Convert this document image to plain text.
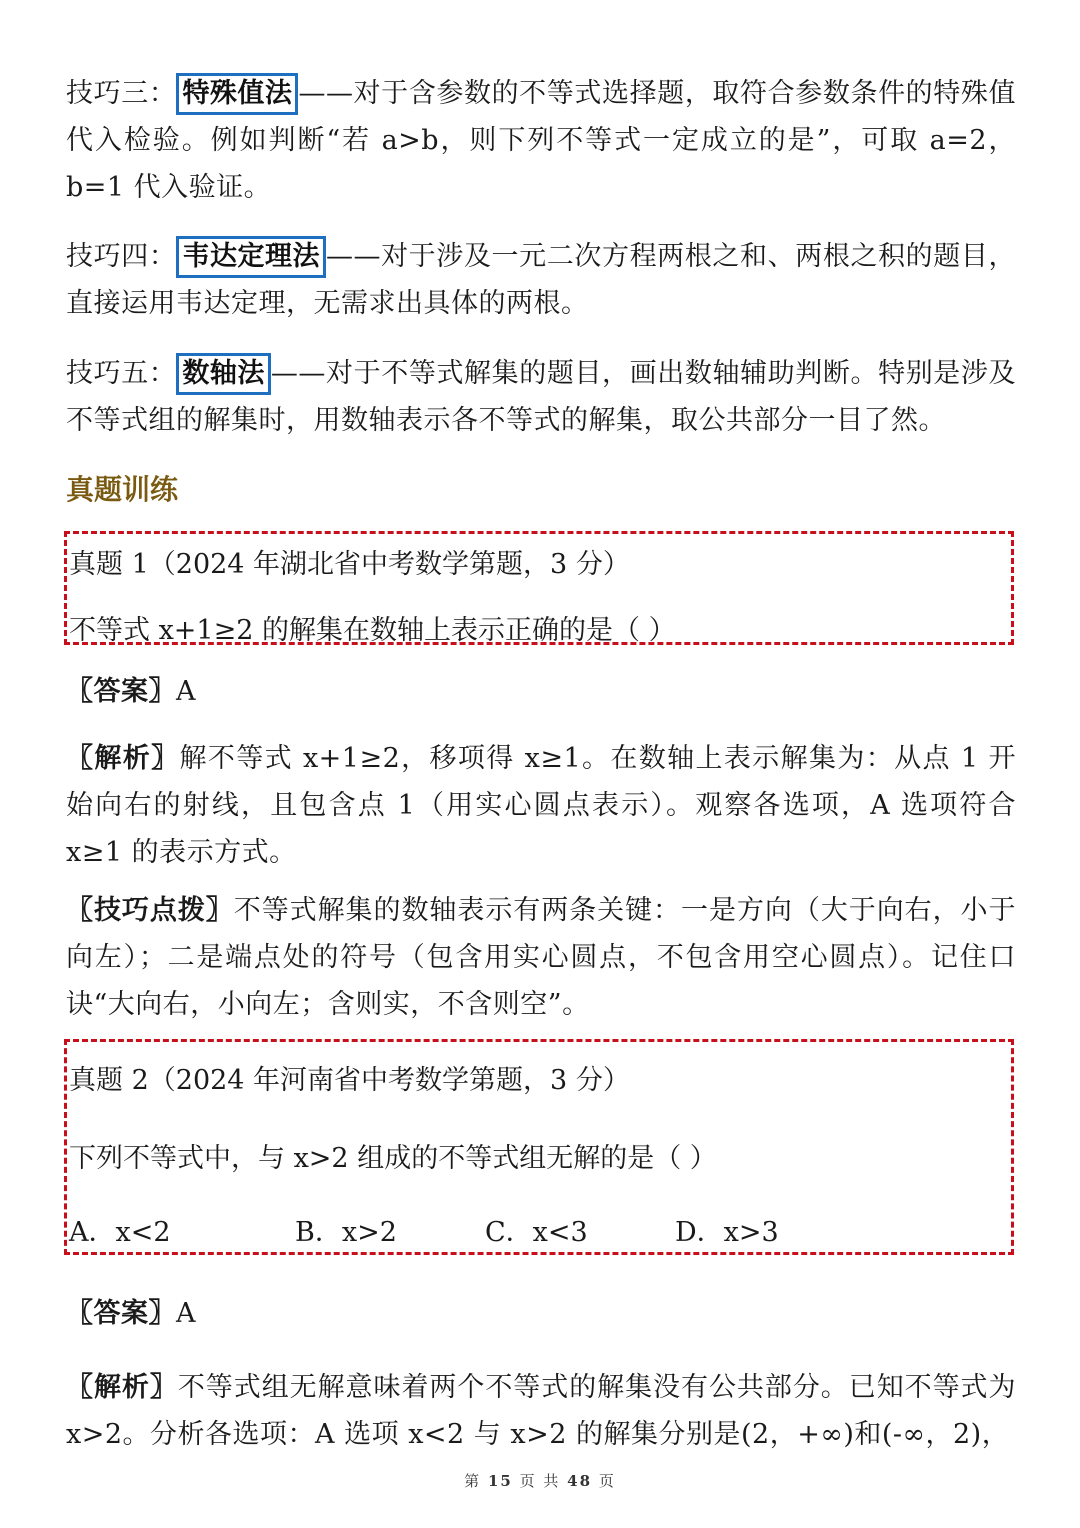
技巧三： 特殊值法 ——对于含参数的不等式选择题，取符合参数条件的特殊值代入检验。例如判断“若 a>b，则下列不等式一定成立的是”，可取 a=2，b=1 代入验证。

技巧四： 韦达定理法 ——对于涉及一元二次方程两根之和、两根之积的题目，直接运用韦达定理，无需求出具体的两根。

技巧五： 数轴法 ——对于不等式解集的题目，画出数轴辅助判断。特别是涉及不等式组的解集时，用数轴表示各不等式的解集，取公共部分一目了然。

真题训练

真题 1（2024 年湖北省中考数学第题，3 分）

不等式 x+1≥2 的解集在数轴上表示正确的是（ ）

〖答案〗A

〖解析〗解不等式 x+1≥2，移项得 x≥1。在数轴上表示解集为：从点 1 开始向右的射线，且包含点 1（用实心圆点表示）。观察各选项，A 选项符合 x≥1 的表示方式。

〖技巧点拨〗不等式解集的数轴表示有两条关键：一是方向（大于向右，小于向左）；二是端点处的符号（包含用实心圆点，不包含用空心圆点）。记住口诀“大向右，小向左；含则实，不含则空”。

真题 2（2024 年河南省中考数学第题，3 分）

下列不等式中，与 x>2 组成的不等式组无解的是（ ）

A．x<2	B．x>2	C．x<3	D．x>3

〖答案〗A

〖解析〗不等式组无解意味着两个不等式的解集没有公共部分。已知不等式为 x>2。分析各选项：A 选项 x<2 与 x>2 的解集分别是(2，+∞)和(-∞，2)，

第 15 页 共 48 页
